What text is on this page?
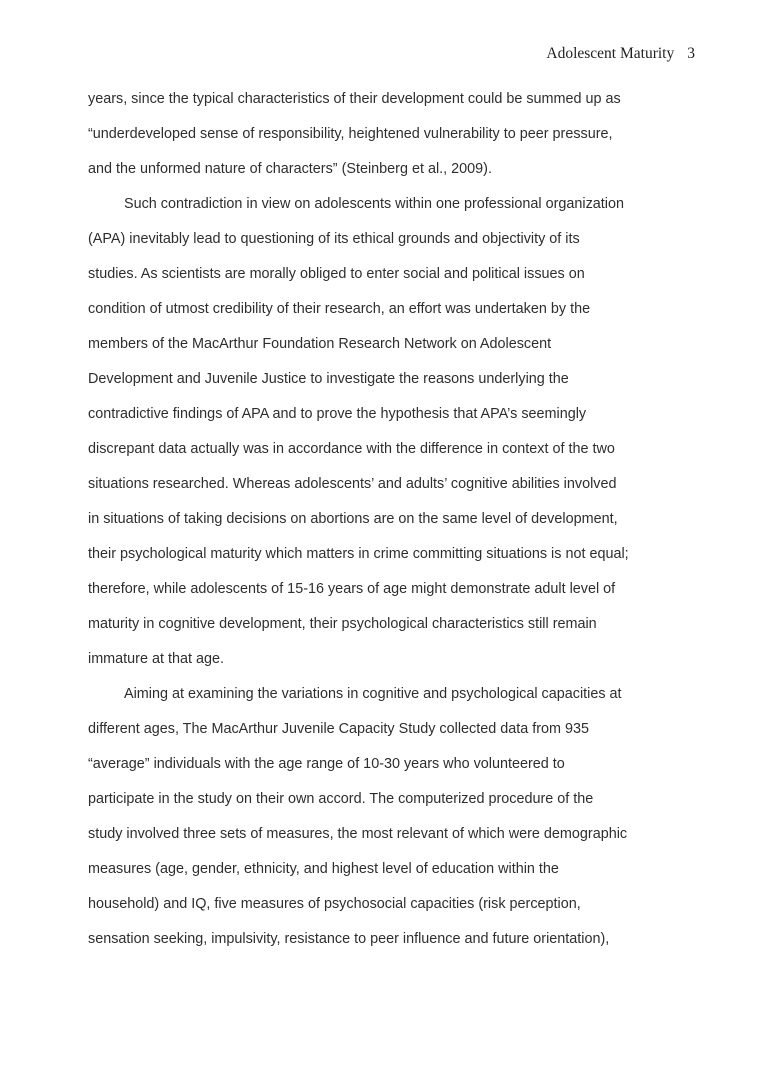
Adolescent Maturity 3
years, since the typical characteristics of their development could be summed up as
“underdeveloped sense of responsibility, heightened vulnerability to peer pressure,
and the unformed nature of characters” (Steinberg et al., 2009).
Such contradiction in view on adolescents within one professional organization
(APA) inevitably lead to questioning of its ethical grounds and objectivity of its
studies. As scientists are morally obliged to enter social and political issues on
condition of utmost credibility of their research, an effort was undertaken by the
members of the MacArthur Foundation Research Network on Adolescent
Development and Juvenile Justice to investigate the reasons underlying the
contradictive findings of APA and to prove the hypothesis that APA’s seemingly
discrepant data actually was in accordance with the difference in context of the two
situations researched. Whereas adolescents’ and adults’ cognitive abilities involved
in situations of taking decisions on abortions are on the same level of development,
their psychological maturity which matters in crime committing situations is not equal;
therefore, while adolescents of 15-16 years of age might demonstrate adult level of
maturity in cognitive development, their psychological characteristics still remain
immature at that age.
Aiming at examining the variations in cognitive and psychological capacities at
different ages, The MacArthur Juvenile Capacity Study collected data from 935
“average” individuals with the age range of 10-30 years who volunteered to
participate in the study on their own accord. The computerized procedure of the
study involved three sets of measures, the most relevant of which were demographic
measures (age, gender, ethnicity, and highest level of education within the
household) and IQ, five measures of psychosocial capacities (risk perception,
sensation seeking, impulsivity, resistance to peer influence and future orientation),
